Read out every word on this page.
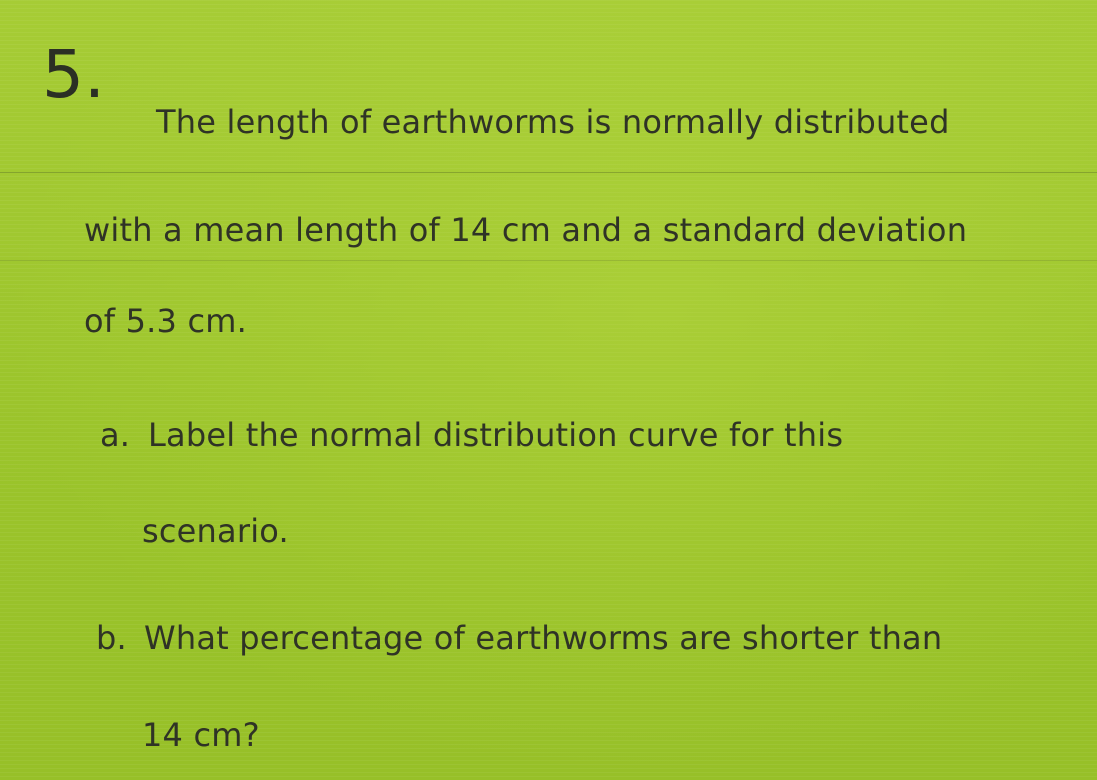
5.
The length of earthworms is normally distributed
with a mean length of 14 cm and a standard deviation
of 5.3 cm.
a. Label the normal distribution curve for this
scenario.
b. What percentage of earthworms are shorter than
14 cm?
